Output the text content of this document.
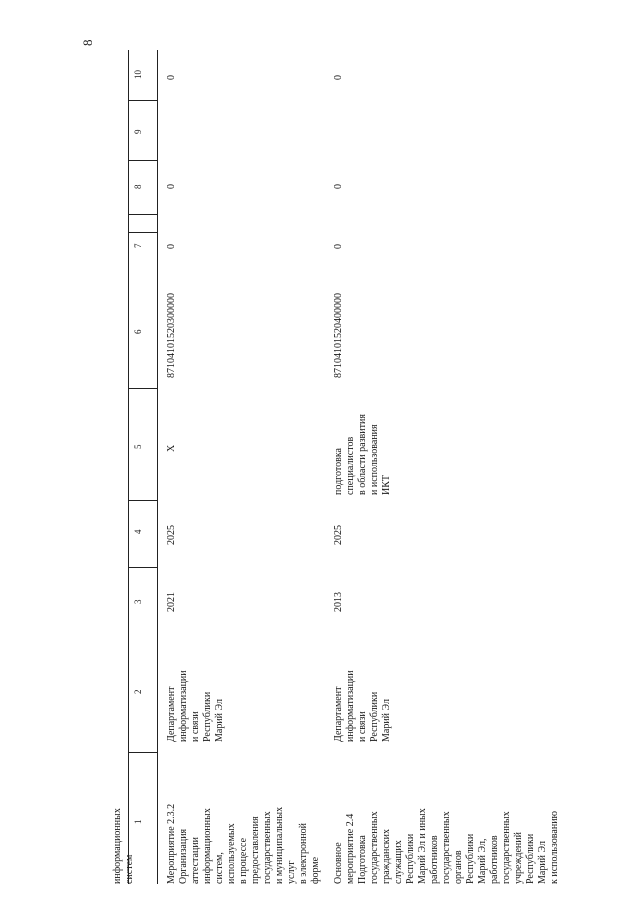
8
1
2
3
4
5
6
7
8
9
10
информационных систем	Мероприятие 2.3.2 Организация аттестации информационных систем, используемых в процессе предоставления государственных и муниципальных услуг в электронной форме
Департамент информатизации и связи Республики Марий Эл
2021
2025
Х
87104101520300000
0
0
0
Основное мероприятие 2.4 Подготовка государственных гражданских служащих Республики Марий Эл и иных работников государственных органов Республики Марий Эл, работников государственных учреждений Республики Марий Эл к использованию
Департамент информатизации и связи Республики Марий Эл
2013
2025
подготовка специалистов в области развития и использования ИКТ
87104101520400000
0
0
0
